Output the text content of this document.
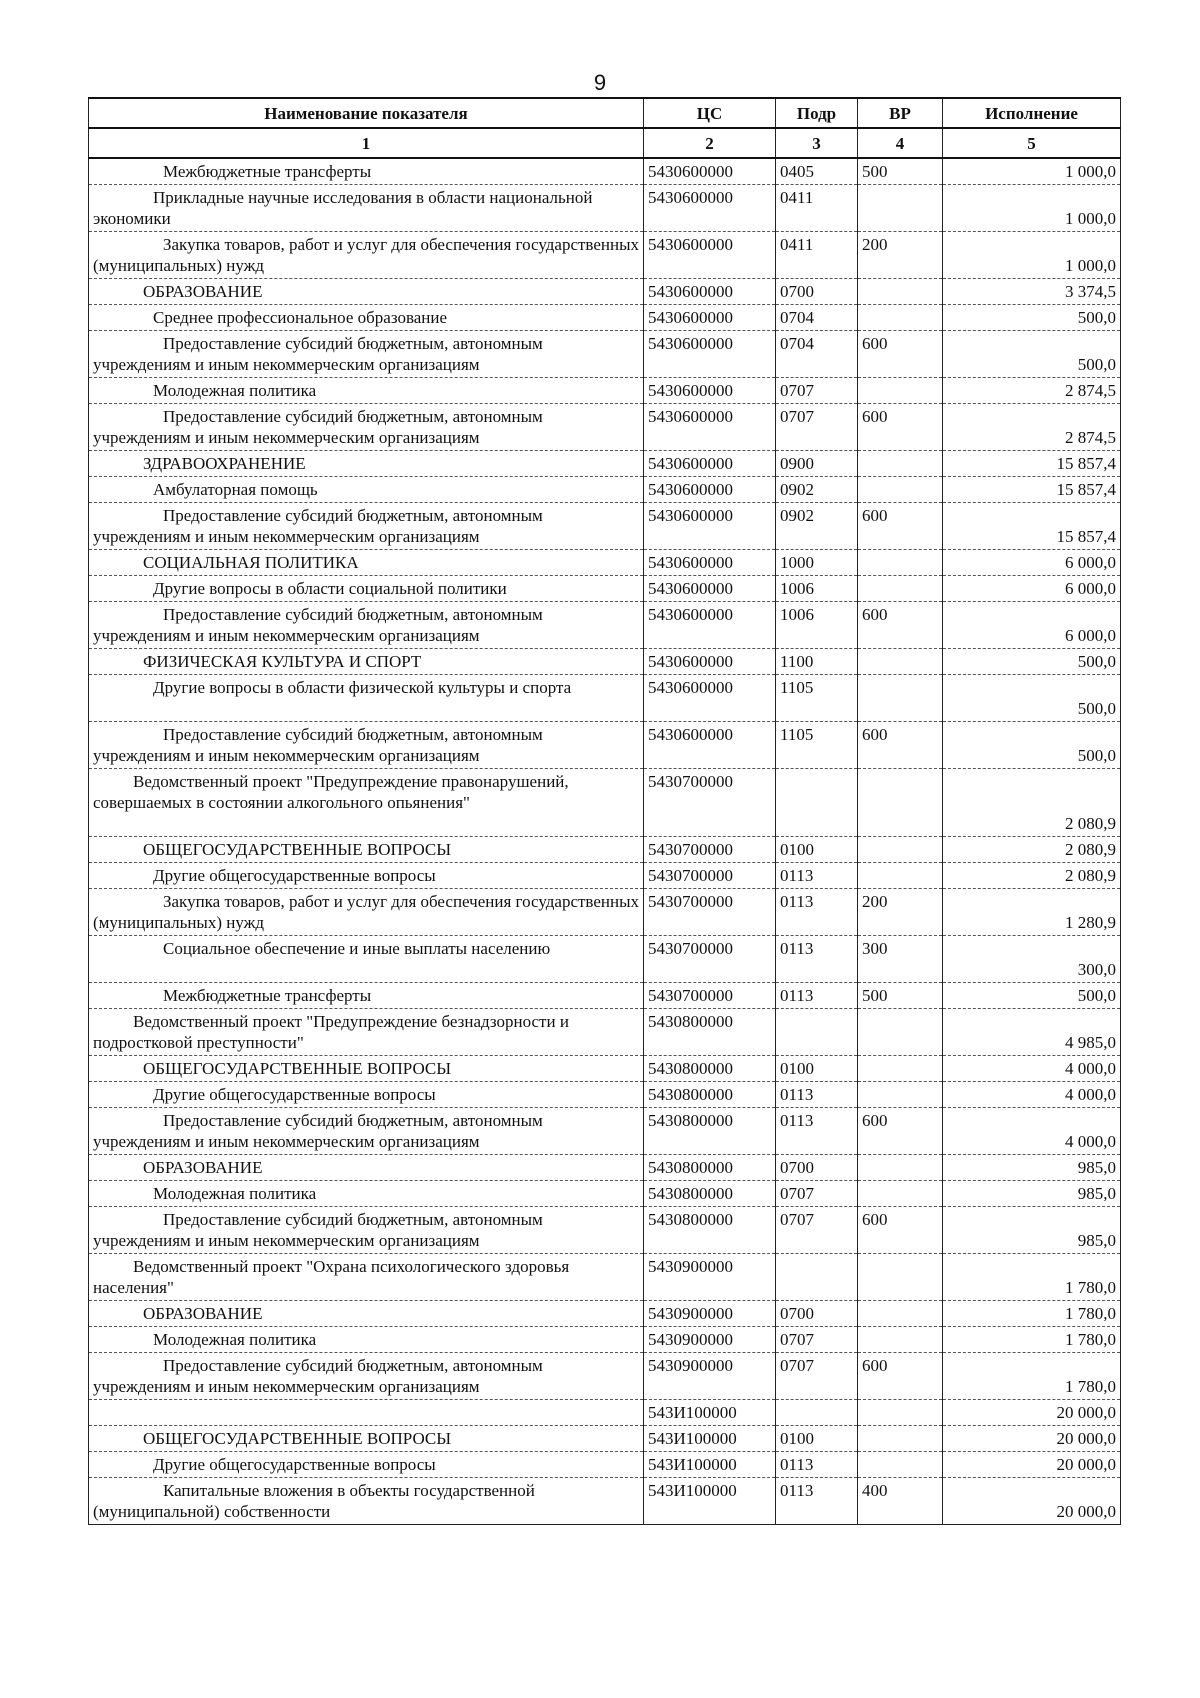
9
Наименование показателя	ЦС	Подр	ВР	Исполнение
1	2	3	4	5
Межбюджетные трансферты	5430600000	0405	500	1 000,0
Прикладные научные исследования в области национальной экономики	5430600000	0411		1 000,0
Закупка товаров, работ и услуг для обеспечения государственных (муниципальных) нужд	5430600000	0411	200	1 000,0
ОБРАЗОВАНИЕ	5430600000	0700		3 374,5
Среднее профессиональное образование	5430600000	0704		500,0
Предоставление субсидий бюджетным, автономным учреждениям и иным некоммерческим организациям	5430600000	0704	600	500,0
Молодежная политика	5430600000	0707		2 874,5
Предоставление субсидий бюджетным, автономным учреждениям и иным некоммерческим организациям	5430600000	0707	600	2 874,5
ЗДРАВООХРАНЕНИЕ	5430600000	0900		15 857,4
Амбулаторная помощь	5430600000	0902		15 857,4
Предоставление субсидий бюджетным, автономным учреждениям и иным некоммерческим организациям	5430600000	0902	600	15 857,4
СОЦИАЛЬНАЯ ПОЛИТИКА	5430600000	1000		6 000,0
Другие вопросы в области социальной политики	5430600000	1006		6 000,0
Предоставление субсидий бюджетным, автономным учреждениям и иным некоммерческим организациям	5430600000	1006	600	6 000,0
ФИЗИЧЕСКАЯ КУЛЬТУРА И СПОРТ	5430600000	1100		500,0
Другие вопросы в области физической культуры и спорта	5430600000	1105		500,0
Предоставление субсидий бюджетным, автономным учреждениям и иным некоммерческим организациям	5430600000	1105	600	500,0
Ведомственный проект "Предупреждение правонарушений, совершаемых в состоянии алкогольного опьянения"	5430700000			2 080,9
ОБЩЕГОСУДАРСТВЕННЫЕ ВОПРОСЫ	5430700000	0100		2 080,9
Другие общегосударственные вопросы	5430700000	0113		2 080,9
Закупка товаров, работ и услуг для обеспечения государственных (муниципальных) нужд	5430700000	0113	200	1 280,9
Социальное обеспечение и иные выплаты населению	5430700000	0113	300	300,0
Межбюджетные трансферты	5430700000	0113	500	500,0
Ведомственный проект "Предупреждение безнадзорности и подростковой преступности"	5430800000			4 985,0
ОБЩЕГОСУДАРСТВЕННЫЕ ВОПРОСЫ	5430800000	0100		4 000,0
Другие общегосударственные вопросы	5430800000	0113		4 000,0
Предоставление субсидий бюджетным, автономным учреждениям и иным некоммерческим организациям	5430800000	0113	600	4 000,0
ОБРАЗОВАНИЕ	5430800000	0700		985,0
Молодежная политика	5430800000	0707		985,0
Предоставление субсидий бюджетным, автономным учреждениям и иным некоммерческим организациям	5430800000	0707	600	985,0
Ведомственный проект "Охрана психологического здоровья населения"	5430900000			1 780,0
ОБРАЗОВАНИЕ	5430900000	0700		1 780,0
Молодежная политика	5430900000	0707		1 780,0
Предоставление субсидий бюджетным, автономным учреждениям и иным некоммерческим организациям	5430900000	0707	600	1 780,0
	543И100000			20 000,0
ОБЩЕГОСУДАРСТВЕННЫЕ ВОПРОСЫ	543И100000	0100		20 000,0
Другие общегосударственные вопросы	543И100000	0113		20 000,0
Капитальные вложения в объекты государственной (муниципальной) собственности	543И100000	0113	400	20 000,0
